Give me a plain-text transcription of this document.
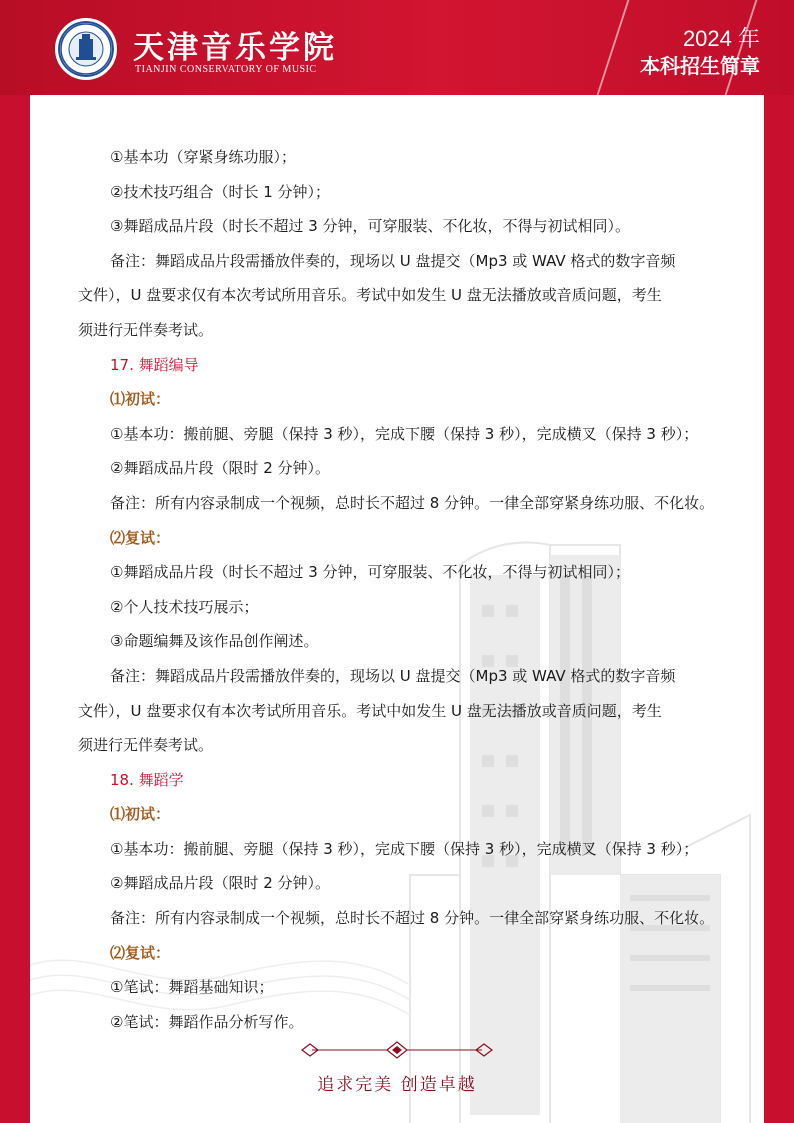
天津音乐学院
TIANJIN CONSERVATORY OF MUSIC
2024 年
本科招生简章
①基本功（穿紧身练功服）；
②技术技巧组合（时长 1 分钟）；
③舞蹈成品片段（时长不超过 3 分钟，可穿服装、不化妆，不得与初试相同）。
备注：舞蹈成品片段需播放伴奏的，现场以 U 盘提交（Mp3 或 WAV 格式的数字音频
文件），U 盘要求仅有本次考试所用音乐。考试中如发生 U 盘无法播放或音质问题，考生
须进行无伴奏考试。
17. 舞蹈编导
⑴初试：
①基本功：搬前腿、旁腿（保持 3 秒），完成下腰（保持 3 秒），完成横叉（保持 3 秒）；
②舞蹈成品片段（限时 2 分钟）。
备注：所有内容录制成一个视频，总时长不超过 8 分钟。一律全部穿紧身练功服、不化妆。
⑵复试：
①舞蹈成品片段（时长不超过 3 分钟，可穿服装、不化妆，不得与初试相同）；
②个人技术技巧展示；
③命题编舞及该作品创作阐述。
备注：舞蹈成品片段需播放伴奏的，现场以 U 盘提交（Mp3 或 WAV 格式的数字音频
文件），U 盘要求仅有本次考试所用音乐。考试中如发生 U 盘无法播放或音质问题，考生
须进行无伴奏考试。
18. 舞蹈学
⑴初试：
①基本功：搬前腿、旁腿（保持 3 秒），完成下腰（保持 3 秒），完成横叉（保持 3 秒）；
②舞蹈成品片段（限时 2 分钟）。
备注：所有内容录制成一个视频，总时长不超过 8 分钟。一律全部穿紧身练功服、不化妆。
⑵复试：
①笔试：舞蹈基础知识；
②笔试：舞蹈作品分析写作。
追求完美 创造卓越
